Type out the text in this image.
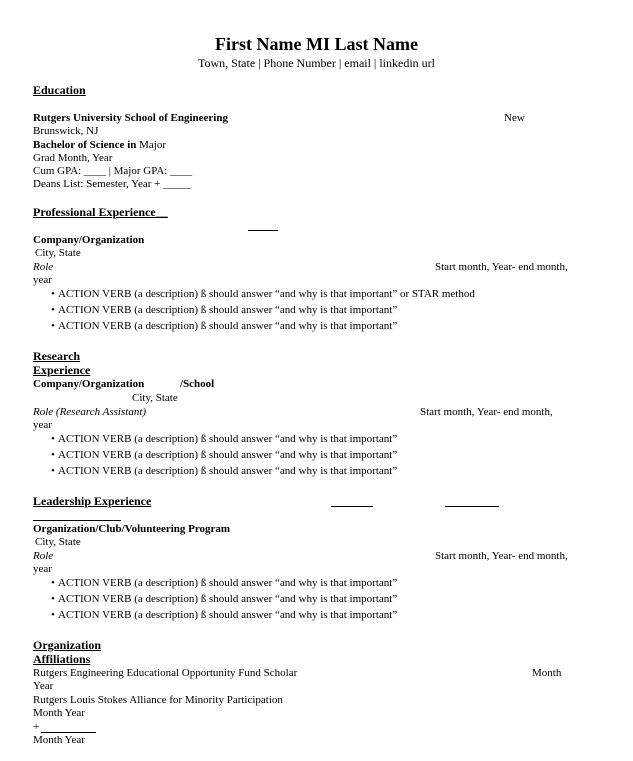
First Name MI Last Name
Town, State | Phone Number | email | linkedin url
Education
Rutgers University School of Engineering	New
Brunswick, NJ
Bachelor of Science in Major
Grad Month, Year
Cum GPA: ____ | Major GPA: ____
Deans List: Semester, Year + _____
Professional Experience__
Company/Organization
City, State
Role	Start month, Year- end month,
year
• ACTION VERB (a description) ß should answer “and why is that important” or STAR method
• ACTION VERB (a description) ß should answer “and why is that important”
• ACTION VERB (a description) ß should answer “and why is that important”
Research
Experience
Company/Organization	/School
City, State
Role (Research Assistant)	Start month, Year- end month,
year
• ACTION VERB (a description) ß should answer “and why is that important”
• ACTION VERB (a description) ß should answer “and why is that important”
• ACTION VERB (a description) ß should answer “and why is that important”
Leadership Experience
Organization/Club/Volunteering Program
City, State
Role	Start month, Year- end month,
year
• ACTION VERB (a description) ß should answer “and why is that important”
• ACTION VERB (a description) ß should answer “and why is that important”
• ACTION VERB (a description) ß should answer “and why is that important”
Organization
Affiliations
Rutgers Engineering Educational Opportunity Fund Scholar	Month
Year
Rutgers Louis Stokes Alliance for Minority Participation
Month Year
+
Month Year
